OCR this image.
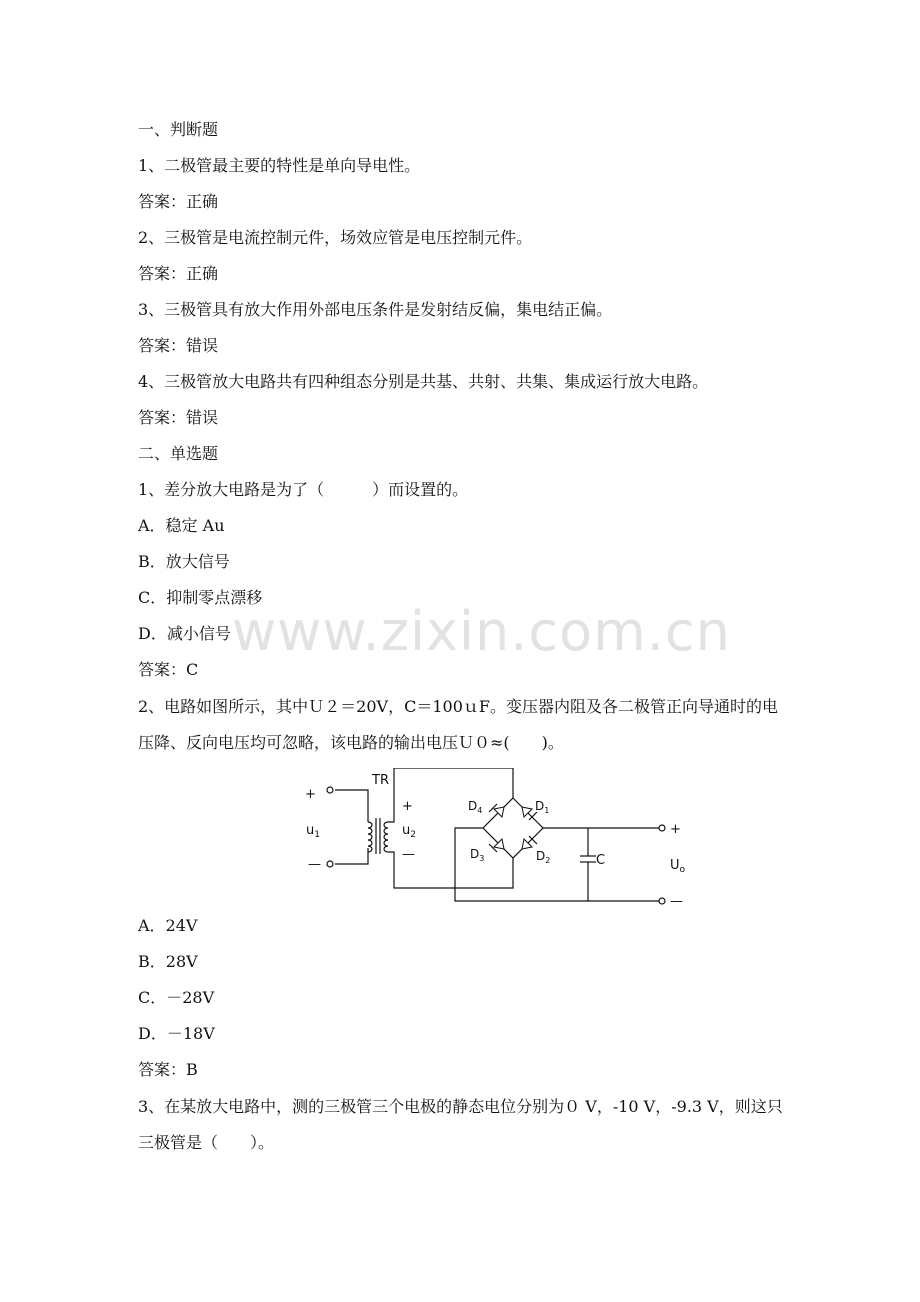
一、判断题
1、二极管最主要的特性是单向导电性。
答案：正确
2、三极管是电流控制元件，场效应管是电压控制元件。
答案：正确
3、三极管具有放大作用外部电压条件是发射结反偏，集电结正偏。
答案：错误
4、三极管放大电路共有四种组态分别是共基、共射、共集、集成运行放大电路。
答案：错误
二、单选题
1、差分放大电路是为了（　　　）而设置的。
A．稳定 Au
B．放大信号
C．抑制零点漂移
D．减小信号
答案：C
2、电路如图所示，其中Ｕ２＝20V，C＝100ｕF。变压器内阻及各二极管正向导通时的电压降、反向电压均可忽略，该电路的输出电压Ｕ０≈(　　)。
TR
+
$u_1$
—
+
$u_2$
—
$D_4$	$D_1$
$D_3$	$D_2$	C
+
$U_o$
—
A．24V
B．28V
C．－28V
D．－18V
答案：B
3、在某放大电路中，测的三极管三个电极的静态电位分别为０ V，-10 V，-9.3 V，则这只三极管是（　　）。
www.zixin.com.cn
